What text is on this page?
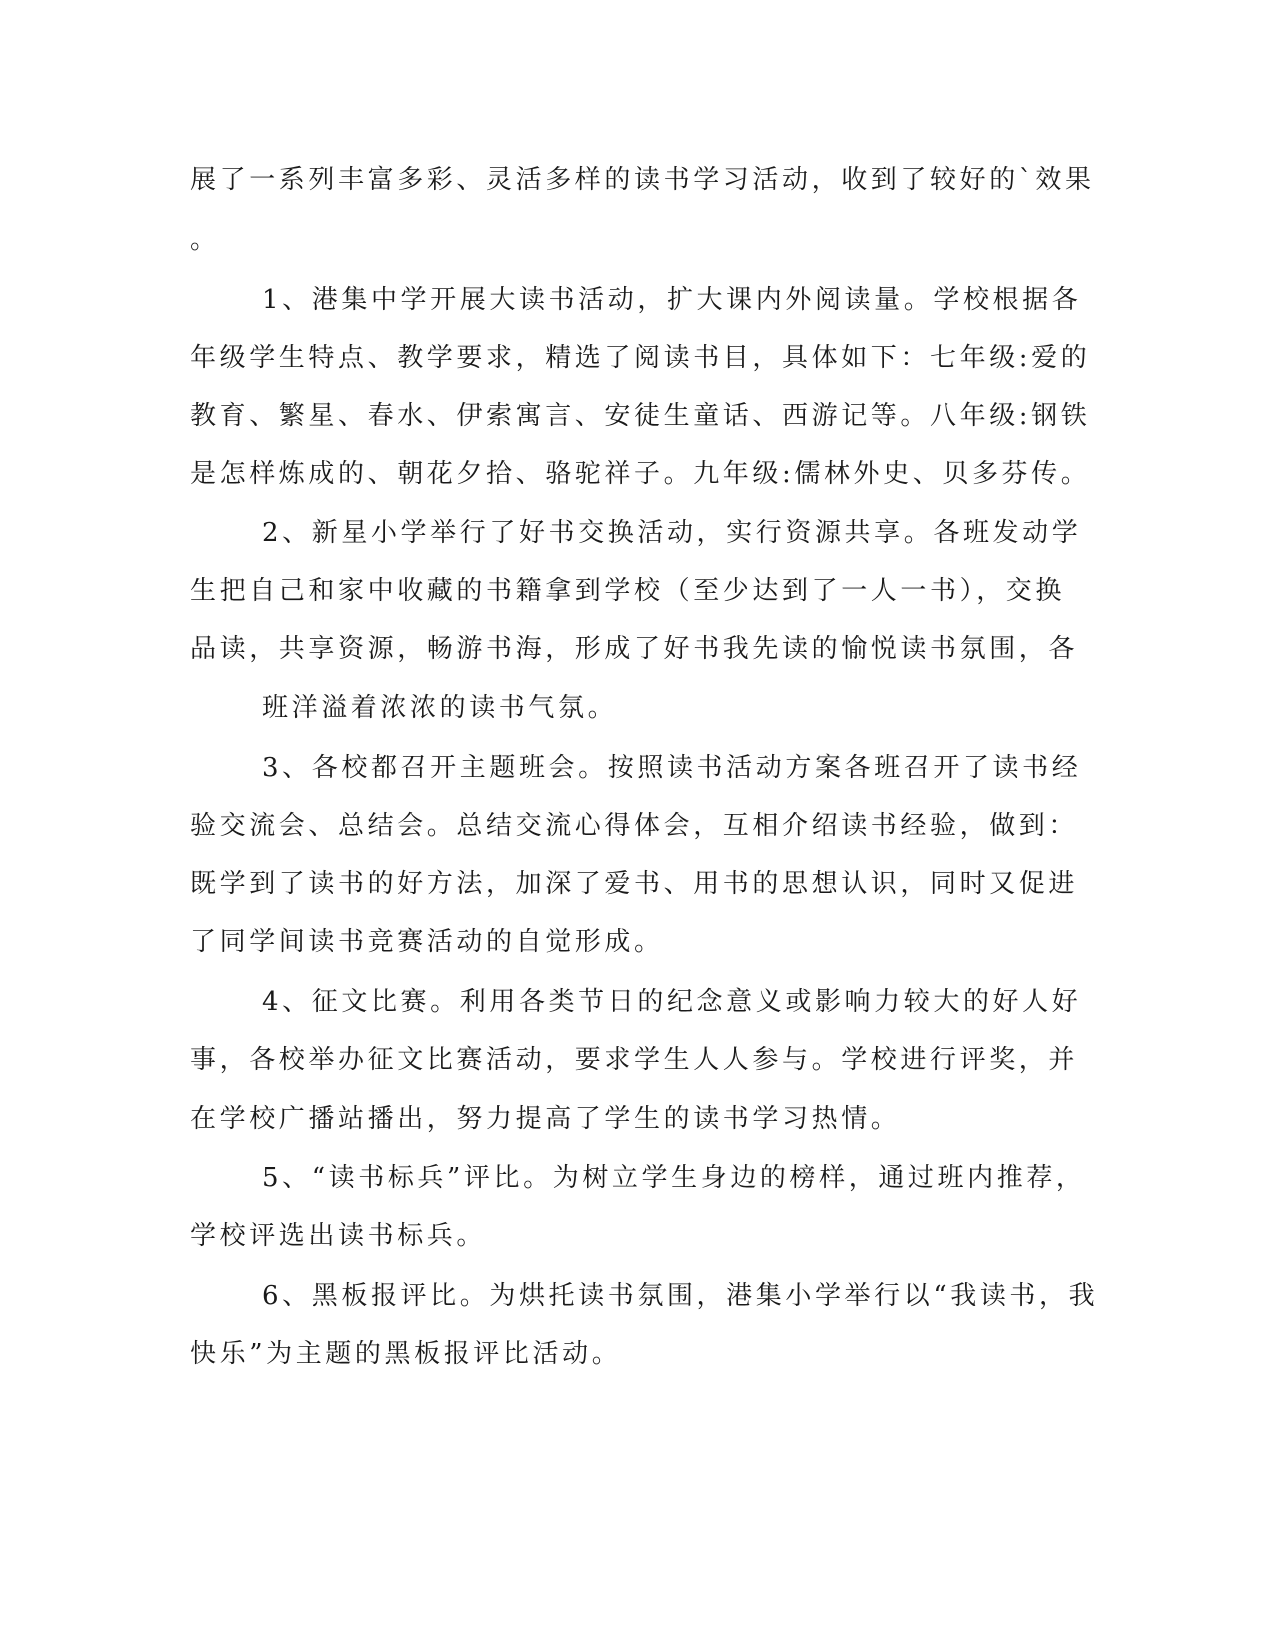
展了一系列丰富多彩、灵活多样的读书学习活动，收到了较好的`效果
。
1、港集中学开展大读书活动，扩大课内外阅读量。学校根据各
年级学生特点、教学要求，精选了阅读书目，具体如下：七年级:爱的
教育、繁星、春水、伊索寓言、安徒生童话、西游记等。八年级:钢铁
是怎样炼成的、朝花夕拾、骆驼祥子。九年级:儒林外史、贝多芬传。
2、新星小学举行了好书交换活动，实行资源共享。各班发动学
生把自己和家中收藏的书籍拿到学校（至少达到了一人一书），交换
品读，共享资源，畅游书海，形成了好书我先读的愉悦读书氛围，各
班洋溢着浓浓的读书气氛。
3、各校都召开主题班会。按照读书活动方案各班召开了读书经
验交流会、总结会。总结交流心得体会，互相介绍读书经验，做到：
既学到了读书的好方法，加深了爱书、用书的思想认识，同时又促进
了同学间读书竞赛活动的自觉形成。
4、征文比赛。利用各类节日的纪念意义或影响力较大的好人好
事，各校举办征文比赛活动，要求学生人人参与。学校进行评奖，并
在学校广播站播出，努力提高了学生的读书学习热情。
5、“读书标兵”评比。为树立学生身边的榜样，通过班内推荐，
学校评选出读书标兵。
6、黑板报评比。为烘托读书氛围，港集小学举行以“我读书，我
快乐”为主题的黑板报评比活动。
